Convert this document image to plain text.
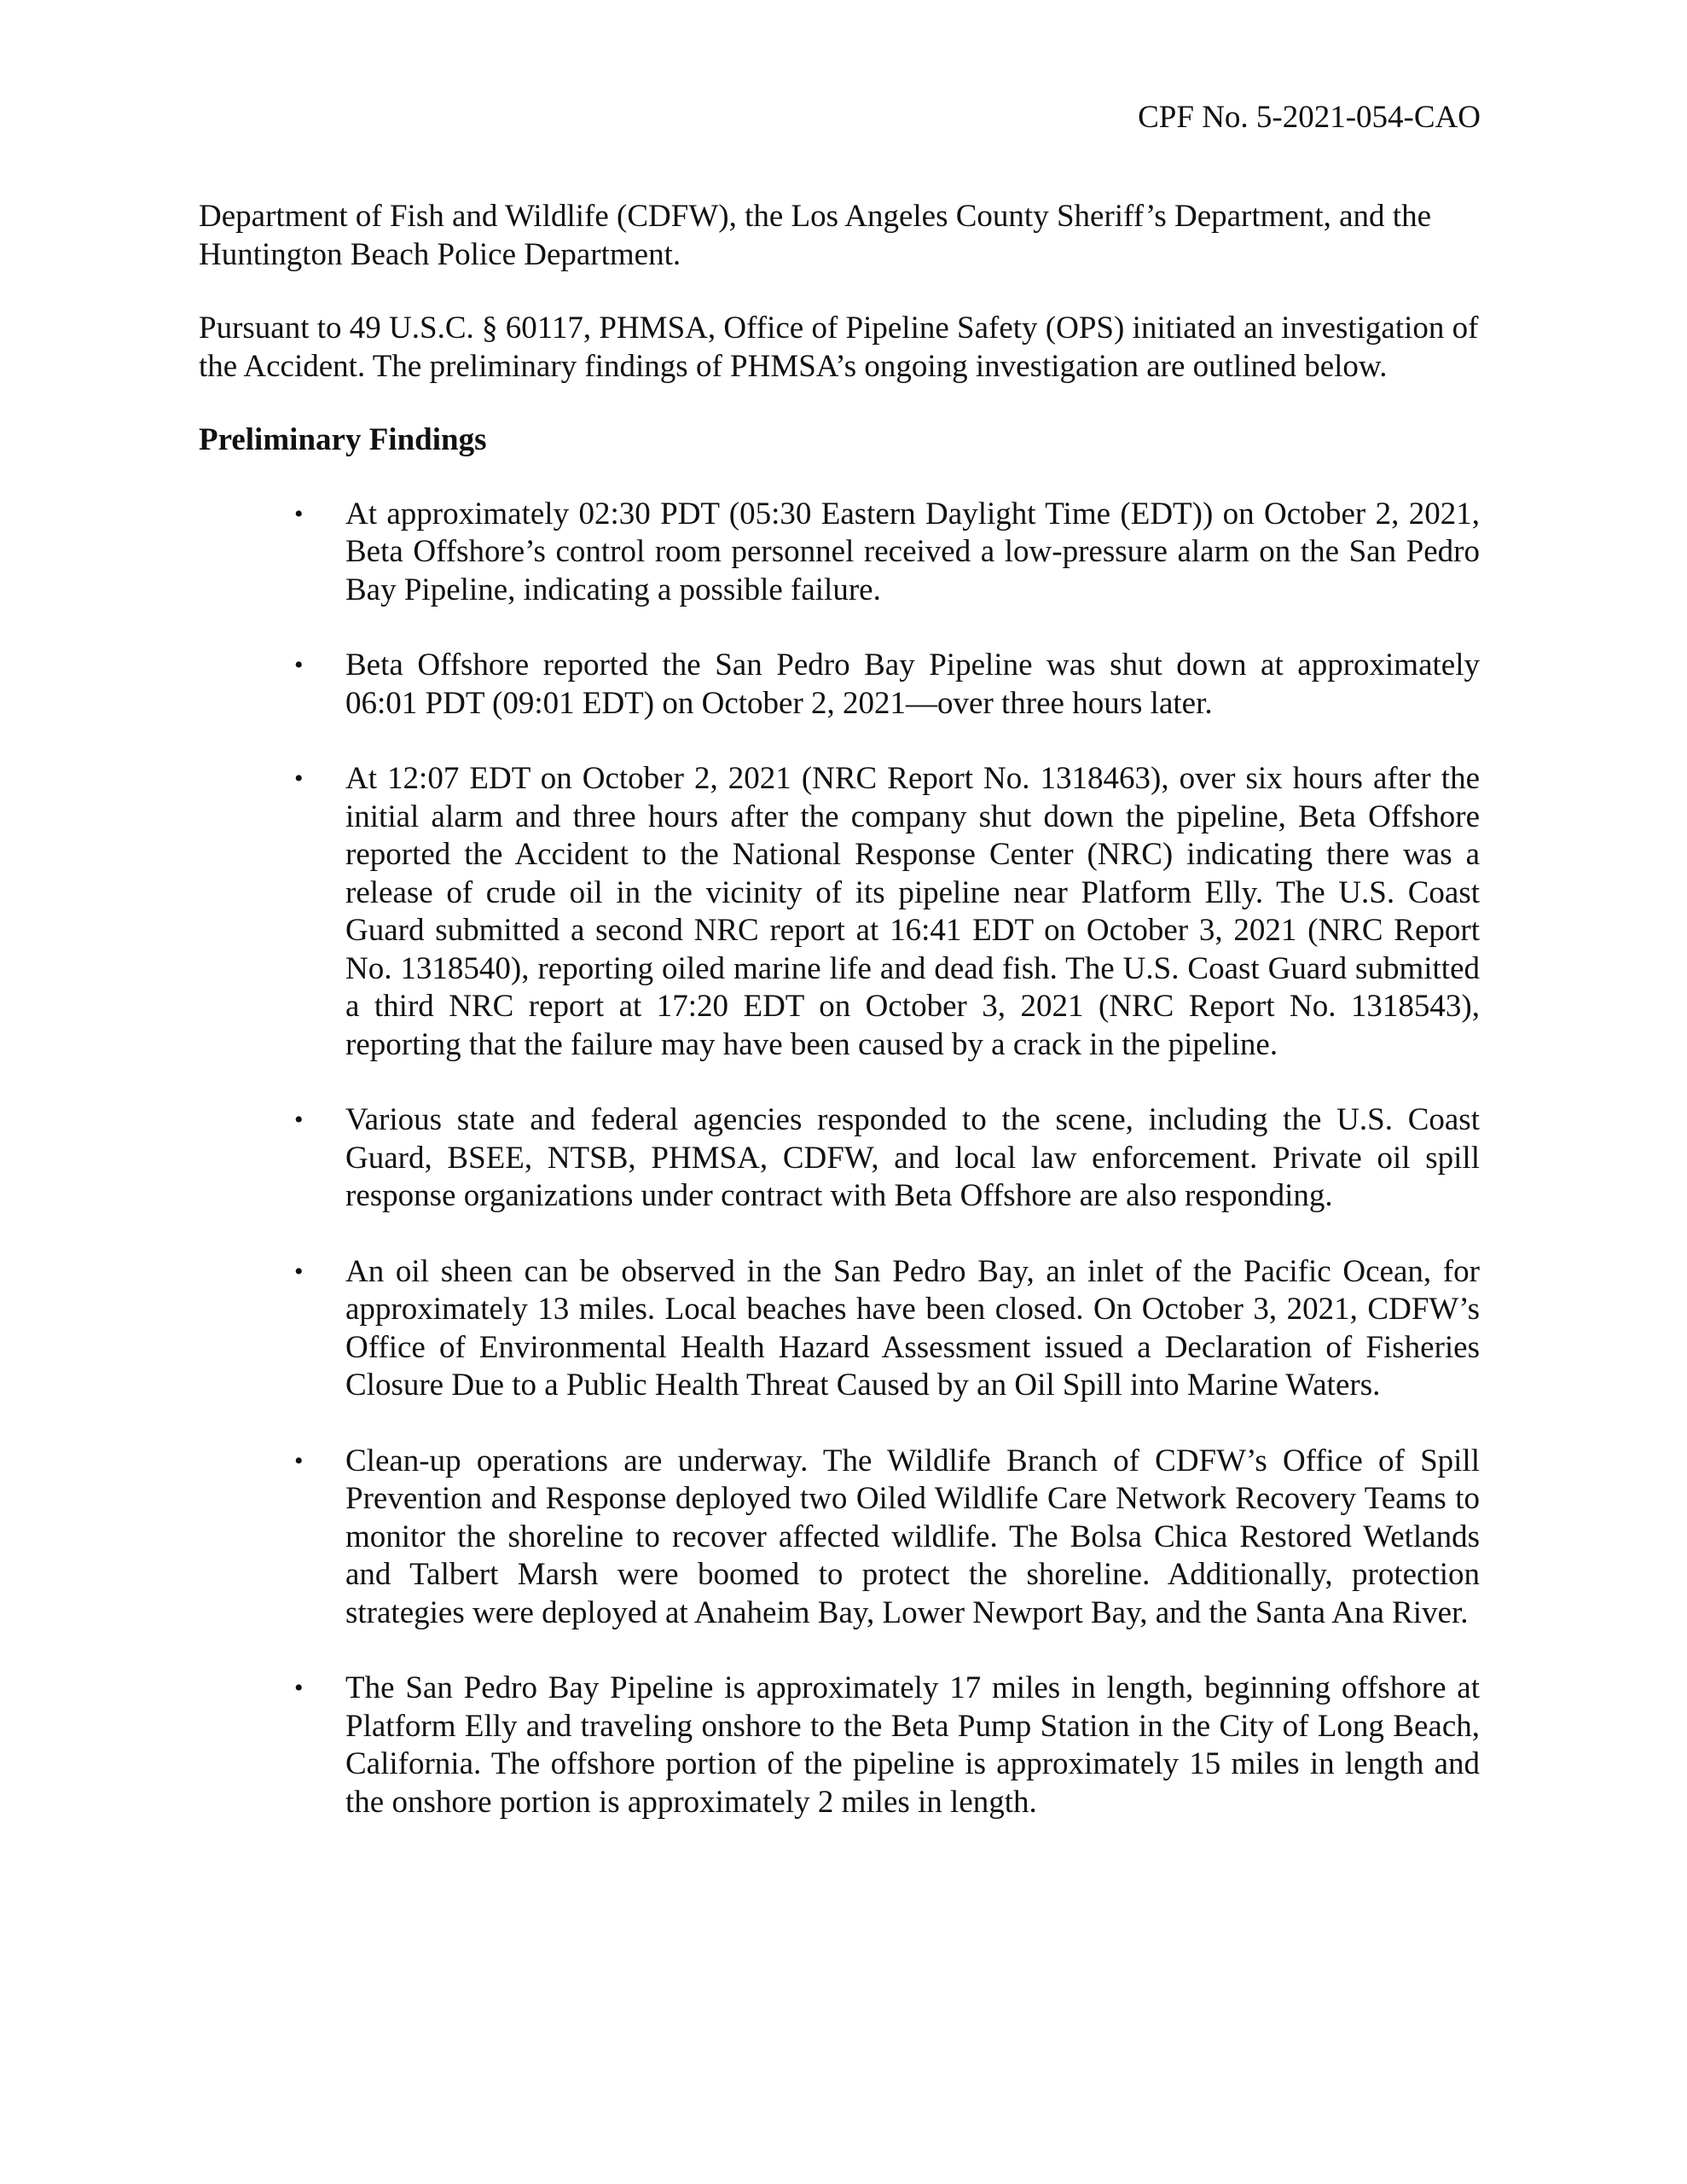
CPF No. 5-2021-054-CAO

Department of Fish and Wildlife (CDFW), the Los Angeles County Sheriff’s Department, and the Huntington Beach Police Department.

Pursuant to 49 U.S.C. § 60117, PHMSA, Office of Pipeline Safety (OPS) initiated an investigation of the Accident. The preliminary findings of PHMSA’s ongoing investigation are outlined below.

Preliminary Findings
• At approximately 02:30 PDT (05:30 Eastern Daylight Time (EDT)) on October 2, 2021, Beta Offshore’s control room personnel received a low-pressure alarm on the San Pedro Bay Pipeline, indicating a possible failure.
• Beta Offshore reported the San Pedro Bay Pipeline was shut down at approximately 06:01 PDT (09:01 EDT) on October 2, 2021—over three hours later.
• At 12:07 EDT on October 2, 2021 (NRC Report No. 1318463), over six hours after the initial alarm and three hours after the company shut down the pipeline, Beta Offshore reported the Accident to the National Response Center (NRC) indicating there was a release of crude oil in the vicinity of its pipeline near Platform Elly. The U.S. Coast Guard submitted a second NRC report at 16:41 EDT on October 3, 2021 (NRC Report No. 1318540), reporting oiled marine life and dead fish. The U.S. Coast Guard submitted a third NRC report at 17:20 EDT on October 3, 2021 (NRC Report No. 1318543), reporting that the failure may have been caused by a crack in the pipeline.
• Various state and federal agencies responded to the scene, including the U.S. Coast Guard, BSEE, NTSB, PHMSA, CDFW, and local law enforcement. Private oil spill response organizations under contract with Beta Offshore are also responding.
• An oil sheen can be observed in the San Pedro Bay, an inlet of the Pacific Ocean, for approximately 13 miles. Local beaches have been closed. On October 3, 2021, CDFW’s Office of Environmental Health Hazard Assessment issued a Declaration of Fisheries Closure Due to a Public Health Threat Caused by an Oil Spill into Marine Waters.
• Clean-up operations are underway. The Wildlife Branch of CDFW’s Office of Spill Prevention and Response deployed two Oiled Wildlife Care Network Recovery Teams to monitor the shoreline to recover affected wildlife. The Bolsa Chica Restored Wetlands and Talbert Marsh were boomed to protect the shoreline. Additionally, protection strategies were deployed at Anaheim Bay, Lower Newport Bay, and the Santa Ana River.
• The San Pedro Bay Pipeline is approximately 17 miles in length, beginning offshore at Platform Elly and traveling onshore to the Beta Pump Station in the City of Long Beach, California. The offshore portion of the pipeline is approximately 15 miles in length and the onshore portion is approximately 2 miles in length.
